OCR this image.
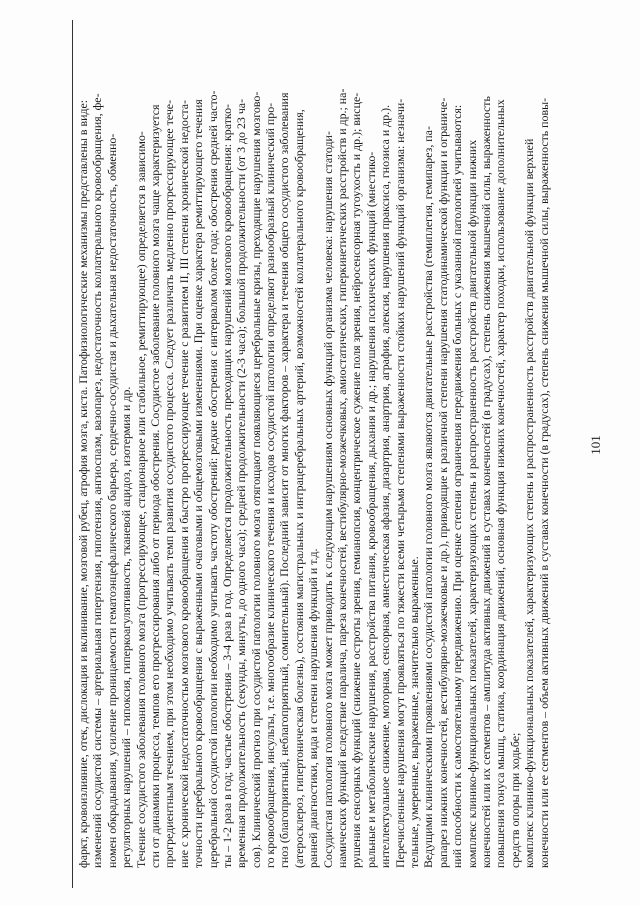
фаркт, кровоизлияние, отек, дислокация и вклинивание, мозговой рубец, атрофия мозга, киста. Патофизиологические механизмы представлены в виде: изменений сосудистой системы – артериальная гипертензия, гипотензия, ангиоспазм, вазопарез, недостаточность коллатерального кровообращения, фе- номен обкрадывания, усиление проницаемости гематоэнцефалического барьера, сердечно-сосудистая и дыхательная недостаточность, обменно- регуляторных нарушений – гипоксия, гиперкоагулятивность, тканевой ацидоз, изотермия и др. Течение сосудистого заболевания головного мозга (прогрессирующее, стационарное или стабильное, ремиттирующее) определяется в зависимо- сти от динамики процесса, темпов его прогрессирования либо от периода обострения. Сосудистое заболевание головного мозга чаще характеризуется прогредиентным течением, при этом необходимо учитывать темп развития сосудистого процесса. Следует различать медленно прогрессирующее тече- ние с хронической недостаточностью мозгового кровообращения и быстро прогрессирующее течение с развитием II, III степени хронической недоста- точности церебрального кровообращения с выраженными очаговыми и общемозговыми изменениями. При оценке характера ремиттирующего течения церебральной сосудистой патологии необходимо учитывать частоту обострений: редкие обострения с интервалом более года; обострения средней часто- ты – 1-2 раза в год; частые обострения – 3-4 раза в год. Определяется продолжительность преходящих нарушений мозгового кровообращения: кратко- временная продолжительность (секунды, минуты, до одного часа); средней продолжительности (2-3 часа); большой продолжительности (от 3 до 23 ча- сов). Клинический прогноз при сосудистой патологии головного мозга отягощают появляющиеся церебральные кризы, преходящие нарушения мозгово- го кровообращения, инсульты, т.е. многообразие клинического течения и исходов сосудистой патологии определяют разнообразный клинический про- гноз (благоприятный, неблагоприятный, сомнительный). Последний зависит от многих факторов – характера и течения общего сосудистого заболевания (атеросклероз, гипертоническая болезнь), состояния магистральных и интрацеребральных артерий, возможностей коллатерального кровообращения, ранней диагностики, вида и степени нарушения функций и т.д. Сосудистая патология головного мозга может приводить к следующим нарушениям основных функций организма человека: нарушения статоди- намических функций вследствие паралича, пареза конечностей, вестибулярно-мозжечковых, амиостатических, гиперкинетических расстройств и др.; на- рушения сенсорных функций (снижение остроты зрения, гемианопсия, концентрическое сужение поля зрения, нейросенсорная тугоухость и др.); висце- ральные и метаболические нарушения, расстройства питания, кровообращения, дыхания и др.; нарушения психических функций (мнестико- интеллектуальное снижение, моторная, сенсорная, амнестическая афазия, дизартрия, анартрия, аграфия, алексия, нарушения праксиса, гнозиса и др.). Перечисленные нарушения могут проявляться по тяжести всеми четырьмя степенями выраженности стойких нарушений функций организма: незначи- тельные, умеренные, выраженные, значительно выраженные. Ведущими клиническими проявлениями сосудистой патологии головного мозга являются двигательные расстройства (гемиплегия, гемипарез, па- рапарез нижних конечностей, вестибулярно-мозжечковые и др.), приводящие к различной степени нарушения статодинамической функции и ограниче- ний способности к самостоятельному передвижению. При оценке степени ограничения передвижения больных с указанной патологией учитываются: комплекс клинико-функциональных показателей, характеризующих степень и распространенность расстройств двигательной функции нижних конечностей или их сегментов – амплитуда активных движений в суставах конечностей (в градусах), степень снижения мышечной силы, выраженность повышения тонуса мышц, статика, координация движений, основная функция нижних конечностей, характер походки, использование дополнительных средств опоры при ходьбе; комплекс клинико-функциональных показателей, характеризующих степень и распространенность расстройств двигательной функции верхней конечности или ее сегментов – объем активных движений в суставах конечности (в градусах), степень снижения мышечной силы, выраженность повы-	101
